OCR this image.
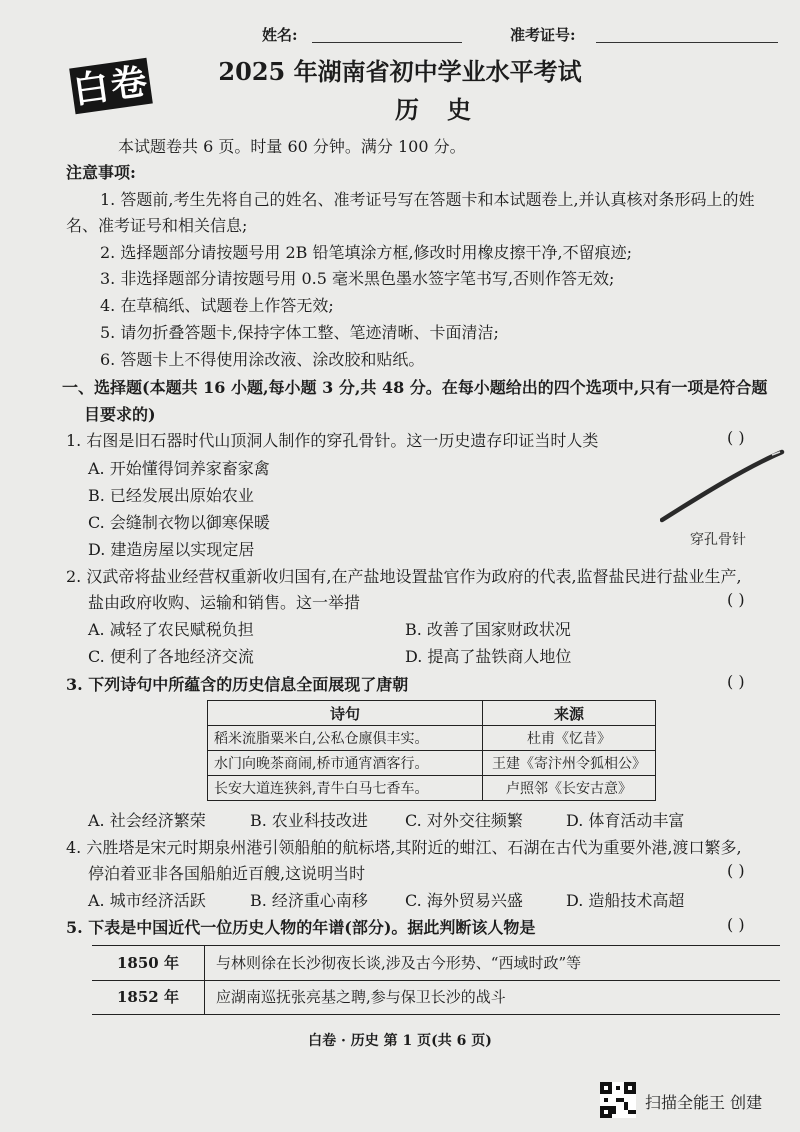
姓名:	准考证号:
白卷	2025 年湖南省初中学业水平考试
历史
本试题卷共 6 页。时量 60 分钟。满分 100 分。
注意事项:
1. 答题前,考生先将自己的姓名、准考证号写在答题卡和本试题卷上,并认真核对条形码上的姓
名、准考证号和相关信息;
2. 选择题部分请按题号用 2B 铅笔填涂方框,修改时用橡皮擦干净,不留痕迹;
3. 非选择题部分请按题号用 0.5 毫米黑色墨水签字笔书写,否则作答无效;
4. 在草稿纸、试题卷上作答无效;
5. 请勿折叠答题卡,保持字体工整、笔迹清晰、卡面清洁;
6. 答题卡上不得使用涂改液、涂改胶和贴纸。
一、选择题(本题共 16 小题,每小题 3 分,共 48 分。在每小题给出的四个选项中,只有一项是符合题
目要求的)
1. 右图是旧石器时代山顶洞人制作的穿孔骨针。这一历史遗存印证当时人类	( )
A. 开始懂得饲养家畜家禽
B. 已经发展出原始农业
C. 会缝制衣物以御寒保暖
D. 建造房屋以实现定居	穿孔骨针
2. 汉武帝将盐业经营权重新收归国有,在产盐地设置盐官作为政府的代表,监督盐民进行盐业生产,
盐由政府收购、运输和销售。这一举措	( )
A. 减轻了农民赋税负担	B. 改善了国家财政状况
C. 便利了各地经济交流	D. 提高了盐铁商人地位
3. 下列诗句中所蕴含的历史信息全面展现了唐朝	( )
诗句	来源
稻米流脂粟米白,公私仓廪俱丰实。	杜甫《忆昔》
水门向晚茶商闹,桥市通宵酒客行。	王建《寄汴州令狐相公》
长安大道连狭斜,青牛白马七香车。	卢照邻《长安古意》
A. 社会经济繁荣	B. 农业科技改进 C. 对外交往频繁	D. 体育活动丰富
4. 六胜塔是宋元时期泉州港引领船舶的航标塔,其附近的蚶江、石湖在古代为重要外港,渡口繁多,
停泊着亚非各国船舶近百艘,这说明当时	( )
A. 城市经济活跃	B. 经济重心南移 C. 海外贸易兴盛	D. 造船技术高超
5. 下表是中国近代一位历史人物的年谱(部分)。据此判断该人物是	( )
1850 年	与林则徐在长沙彻夜长谈,涉及古今形势、“西域时政”等
1852 年	应湖南巡抚张亮基之聘,参与保卫长沙的战斗
白卷 · 历史 第 1 页(共 6 页)
扫描全能王 创建
